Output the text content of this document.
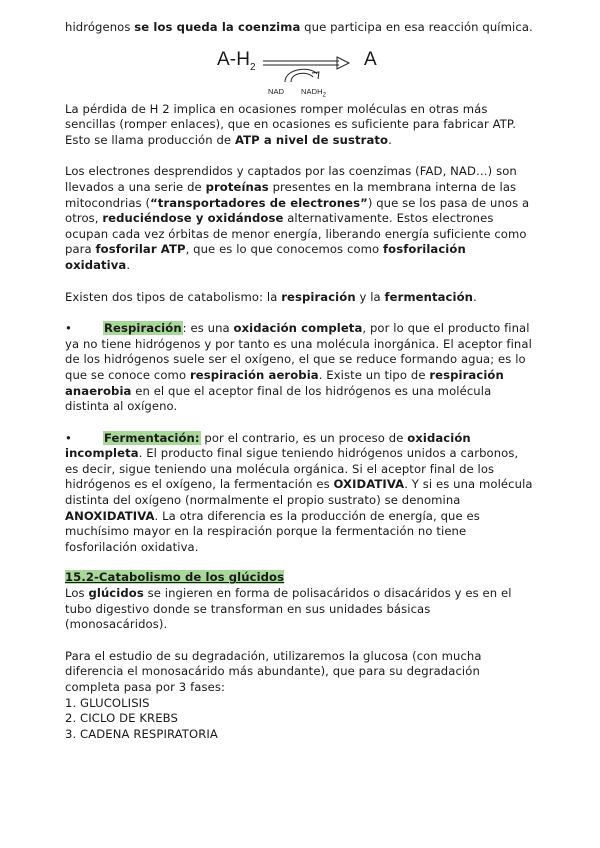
hidrógenos se los queda la coenzima que participa en esa reacción química.

$A-H_2$	A
NAD $NADH_2$

La pérdida de H 2 implica en ocasiones romper moléculas en otras más sencillas (romper enlaces), que en ocasiones es suficiente para fabricar ATP. Esto se llama producción de ATP a nivel de sustrato.

Los electrones desprendidos y captados por las coenzimas (FAD, NAD…) son llevados a una serie de proteínas presentes en la membrana interna de las mitocondrias (“transportadores de electrones”) que se los pasa de unos a otros, reduciéndose y oxidándose alternativamente. Estos electrones ocupan cada vez órbitas de menor energía, liberando energía suficiente como para fosforilar ATP, que es lo que conocemos como fosforilación oxidativa.

Existen dos tipos de catabolismo: la respiración y la fermentación.

•	Respiración: es una oxidación completa, por lo que el producto final ya no tiene hidrógenos y por tanto es una molécula inorgánica. El aceptor final de los hidrógenos suele ser el oxígeno, el que se reduce formando agua; es lo que se conoce como respiración aerobia. Existe un tipo de respiración anaerobia en el que el aceptor final de los hidrógenos es una molécula distinta al oxígeno.

•	Fermentación: por el contrario, es un proceso de oxidación incompleta. El producto final sigue teniendo hidrógenos unidos a carbonos, es decir, sigue teniendo una molécula orgánica. Si el aceptor final de los hidrógenos es el oxígeno, la fermentación es OXIDATIVA. Y si es una molécula distinta del oxígeno (normalmente el propio sustrato) se denomina ANOXIDATIVA. La otra diferencia es la producción de energía, que es muchísimo mayor en la respiración porque la fermentación no tiene fosforilación oxidativa.

15.2-Catabolismo de los glúcidos

Los glúcidos se ingieren en forma de polisacáridos o disacáridos y es en el tubo digestivo donde se transforman en sus unidades básicas (monosacáridos).

Para el estudio de su degradación, utilizaremos la glucosa (con mucha diferencia el monosacárido más abundante), que para su degradación completa pasa por 3 fases:

1. GLUCOLISIS

2. CICLO DE KREBS

3. CADENA RESPIRATORIA
